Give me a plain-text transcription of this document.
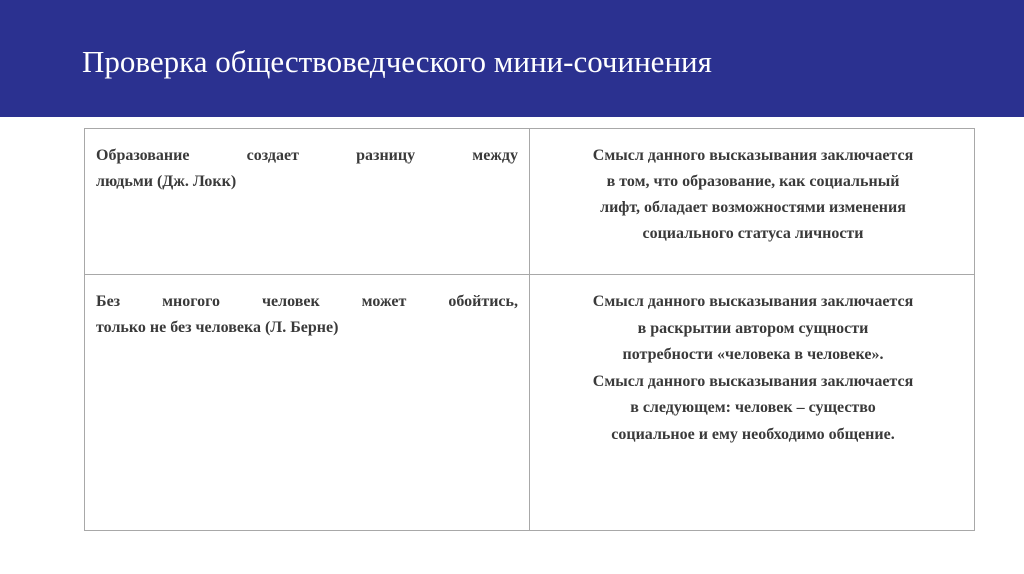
Проверка обществоведческого мини-сочинения
Образование создает разницу между
людьми (Дж. Локк)
Смысл данного высказывания заключается
в том, что образование, как социальный
лифт, обладает возможностями изменения
социального статуса личности
Без многого человек может обойтись,
только не без человека (Л. Берне)
Смысл данного высказывания заключается
в раскрытии автором сущности
потребности «человека в человеке».
Смысл данного высказывания заключается
в следующем: человек – существо
социальное и ему необходимо общение.
